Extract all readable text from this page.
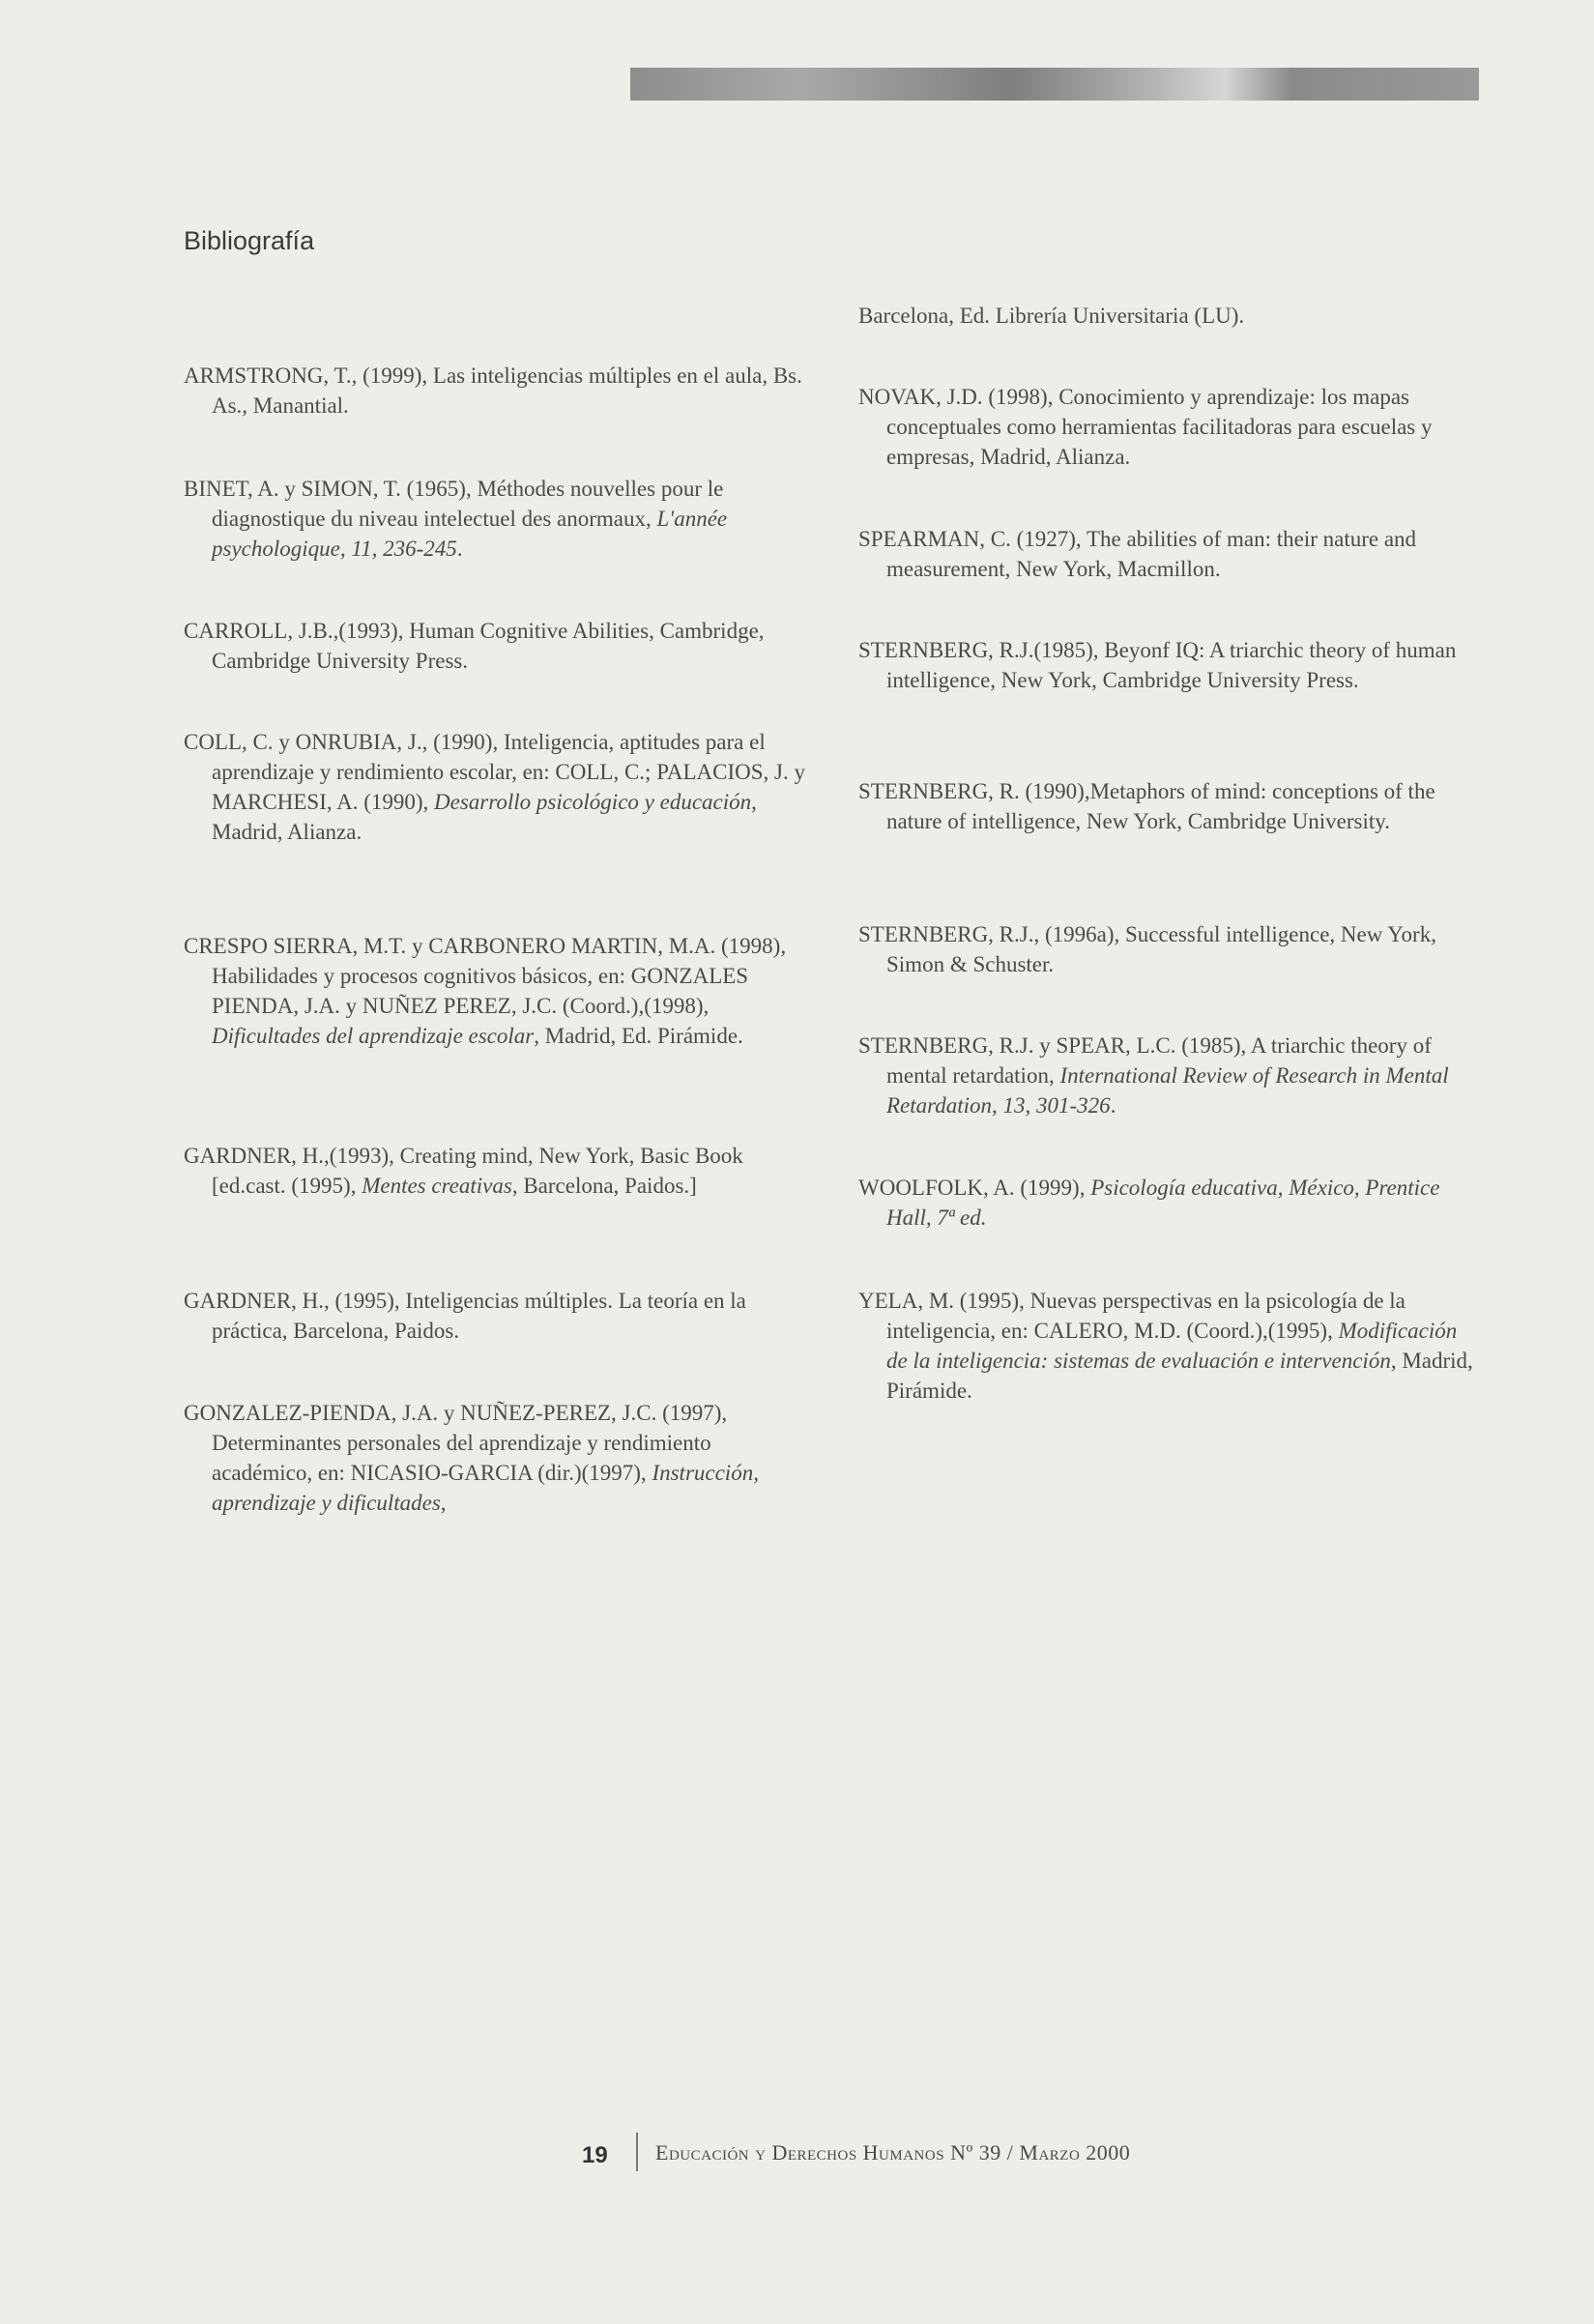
Bibliografía
ARMSTRONG, T., (1999), Las inteligencias múltiples en el aula, Bs. As., Manantial.
BINET, A. y SIMON, T. (1965), Méthodes nouvelles pour le diagnostique du niveau intelectuel des anormaux, L'année psychologique, 11, 236-245.
CARROLL, J.B.,(1993), Human Cognitive Abilities, Cambridge, Cambridge University Press.
COLL, C. y ONRUBIA, J., (1990), Inteligencia, aptitudes para el aprendizaje y rendimiento escolar, en: COLL, C.; PALACIOS, J. y MARCHESI, A. (1990), Desarrollo psicológico y educación, Madrid, Alianza.
CRESPO SIERRA, M.T. y CARBONERO MARTIN, M.A. (1998), Habilidades y procesos cognitivos básicos, en: GONZALES PIENDA, J.A. y NUÑEZ PEREZ, J.C. (Coord.),(1998), Dificultades del aprendizaje escolar, Madrid, Ed. Pirámide.
GARDNER, H.,(1993), Creating mind, New York, Basic Book [ed.cast. (1995), Mentes creativas, Barcelona, Paidos.]
GARDNER, H., (1995), Inteligencias múltiples. La teoría en la práctica, Barcelona, Paidos.
GONZALEZ-PIENDA, J.A. y NUÑEZ-PEREZ, J.C. (1997), Determinantes personales del aprendizaje y rendimiento académico, en: NICASIO-GARCIA (dir.)(1997), Instrucción, aprendizaje y dificultades,
Barcelona, Ed. Librería Universitaria (LU).
NOVAK, J.D. (1998), Conocimiento y aprendizaje: los mapas conceptuales como herramientas facilitadoras para escuelas y empresas, Madrid, Alianza.
SPEARMAN, C. (1927), The abilities of man: their nature and measurement, New York, Macmillon.
STERNBERG, R.J.(1985), Beyonf IQ: A triarchic theory of human intelligence, New York, Cambridge University Press.
STERNBERG, R. (1990),Metaphors of mind: conceptions of the nature of intelligence, New York, Cambridge University.
STERNBERG, R.J., (1996a), Successful intelligence, New York, Simon & Schuster.
STERNBERG, R.J. y SPEAR, L.C. (1985), A triarchic theory of mental retardation, International Review of Research in Mental Retardation, 13, 301-326.
WOOLFOLK, A. (1999), Psicología educativa, México, Prentice Hall, 7ª ed.
YELA, M. (1995), Nuevas perspectivas en la psicología de la inteligencia, en: CALERO, M.D. (Coord.),(1995), Modificación de la inteligencia: sistemas de evaluación e intervención, Madrid, Pirámide.
19 Educación y Derechos Humanos Nº 39 / Marzo 2000
